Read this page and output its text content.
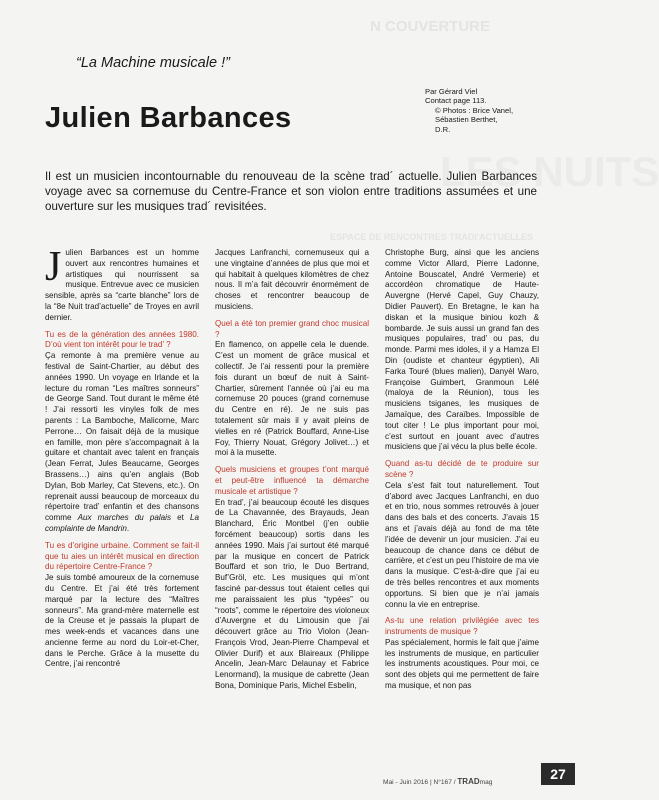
N COUVERTURE
LES NUITS
ESPACE DE RENCONTRES TRADI'ACTUELLES
“La Machine musicale !”
Julien Barbances
Par Gérard Viel
Contact page 113.
© Photos : Brice Vanel,
Sébastien Berthet,
D.R.
Il est un musicien incontournable du renouveau de la scène trad´ actuelle. Julien Barbances voyage avec sa cornemuse du Centre-France et son violon entre traditions assumées et une ouverture sur les musiques trad´ revisitées.

Julien Barbances est un homme ouvert aux rencontres humaines et artistiques qui nourrissent sa musique. Entrevue avec ce musicien sensible, après sa “carte blanche” lors de la “8e Nuit trad’actuelle” de Troyes en avril dernier.

Tu es de la génération des années 1980. D’où vient ton intérêt pour le trad’ ?

Ça remonte à ma première venue au festival de Saint-Chartier, au début des années 1990. Un voyage en Irlande et la lecture du roman “Les maîtres sonneurs” de George Sand. Tout durant le même été ! J’ai ressorti les vinyles folk de mes parents : La Bamboche, Malicorne, Marc Perrone… On faisait déjà de la musique en famille, mon père s’accompagnait à la guitare et chantait avec talent en français (Jean Ferrat, Jules Beaucarne, Georges Brassens…) ains qu’en anglais (Bob Dylan, Bob Marley, Cat Stevens, etc.). On reprenait aussi beaucoup de morceaux du répertoire trad’ enfantin et des chansons comme Aux marches du palais et La complainte de Mandrin.

Tu es d’origine urbaine. Comment se fait-il que tu aies un intérêt musical en direction du répertoire Centre-France ?

Je suis tombé amoureux de la cornemuse du Centre. Et j’ai été très fortement marqué par la lecture des “Maîtres sonneurs”. Ma grand-mère maternelle est de la Creuse et je passais la plupart de mes week-ends et vacances dans une ancienne ferme au nord du Loir-et-Cher, dans le Perche. Grâce à la musette du Centre, j’ai rencontré

Jacques Lanfranchi, cornemuseux qui a une vingtaine d’années de plus que moi et qui habitait à quelques kilomètres de chez nous. Il m’a fait découvrir énormément de choses et rencontrer beaucoup de musiciens.

Quel a été ton premier grand choc musical ?

En flamenco, on appelle cela le duende. C’est un moment de grâce musical et collectif. Je l’ai ressenti pour la première fois durant un bœuf de nuit à Saint-Chartier, sûrement l’année où j’ai eu ma cornemuse 20 pouces (grand cornemuse du Centre en ré). Je ne suis pas totalement sûr mais il y avait pleins de vielles en ré (Patrick Bouffard, Anne-Lise Foy, Thierry Nouat, Grégory Jolivet…) et moi à la musette.

Quels musiciens et groupes t’ont marqué et peut-être influencé ta démarche musicale et artistique ?

En trad’, j’ai beaucoup écouté les disques de La Chavannée, des Brayauds, Jean Blanchard, Éric Montbel (j’en oublie forcément beaucoup) sortis dans les années 1990. Mais j’ai surtout été marqué par la musique en concert de Patrick Bouffard et son trio, le Duo Bertrand, Buf’Gröl, etc. Les musiques qui m’ont fasciné par-dessus tout étaient celles qui me paraissaient les plus “typées” ou “roots”, comme le répertoire des violoneux d’Auvergne et du Limousin que j’ai découvert grâce au Trio Violon (Jean-François Vrod, Jean-Pierre Champeval et Olivier Durif) et aux Blaireaux (Philippe Ancelin, Jean-Marc Delaunay et Fabrice Lenormand), la musique de cabrette (Jean Bona, Dominique Paris, Michel Esbelin,

Christophe Burg, ainsi que les anciens comme Victor Allard, Pierre Ladonne, Antoine Bouscatel, André Vermerie) et accordéon chromatique de Haute-Auvergne (Hervé Capel, Guy Chauzy, Didier Pauvert). En Bretagne, le kan ha diskan et la musique biniou kozh & bombarde. Je suis aussi un grand fan des musiques populaires, trad’ ou pas, du monde. Parmi mes idoles, il y a Hamza El Din (oudiste et chanteur égyptien), Ali Farka Touré (blues malien), Danyèl Waro, Françoise Guimbert, Granmoun Lélé (maloya de la Réunion), tous les musiciens tsiganes, les musiques de Jamaïque, des Caraïbes. Impossible de tout citer ! Le plus important pour moi, c’est surtout en jouant avec d’autres musiciens que j’ai vécu la plus belle école.

Quand as-tu décidé de te produire sur scène ?

Cela s’est fait tout naturellement. Tout d’abord avec Jacques Lanfranchi, en duo et en trio, nous sommes retrouvés à jouer dans des bals et des concerts. J’avais 15 ans et j’avais déjà au fond de ma tête l’idée de devenir un jour musicien. J’ai eu beaucoup de chance dans ce début de carrière, et c’est un peu l’histoire de ma vie dans la musique. C’est-à-dire que j’ai eu de très belles rencontres et aux moments opportuns. Si bien que je n’ai jamais connu la vie en entreprise.

As-tu une relation privilégiée avec tes instruments de musique ?

Pas spécialement, hormis le fait que j’aime les instruments de musique, en particulier les instruments acoustiques. Pour moi, ce sont des objets qui me permettent de faire ma musique, et non pas

Mai - Juin 2016 | N°167 / TRADmag
27
